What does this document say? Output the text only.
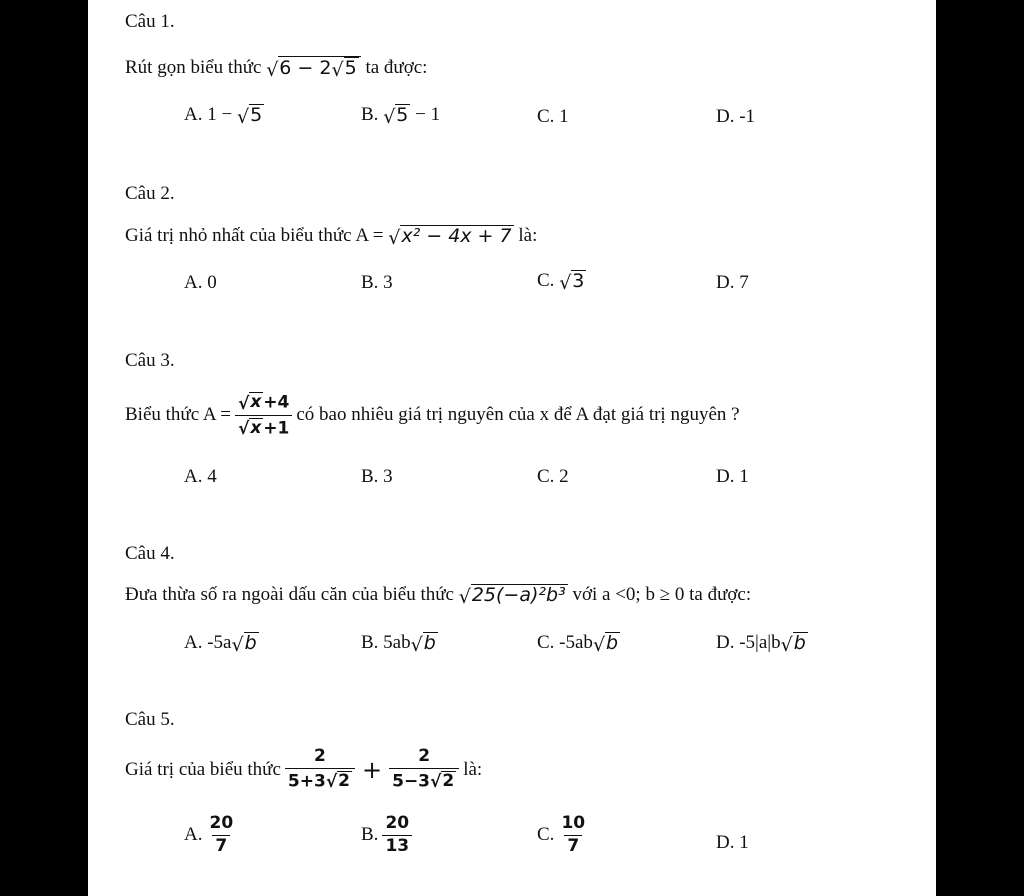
Câu 1.
Rút gọn biểu thức
√ 6 − 2 √ 5
ta được:
A.
1 −
√ 5	B.
√ 5
− 1	C. 1	D. -1
Câu 2.
Giá trị nhỏ nhất của biểu thức A =
√ x² − 4x + 7
là:
A. 0	B. 3	C.
√ 3	D. 7
Câu 3.
Biểu thức $A = \frac{√ x +4}{√ x +1}$ có bao nhiêu giá trị nguyên của x để A đạt giá trị nguyên ?
A. 4	B. 3	C. 2	D. 1
Câu 4.
Đưa thừa số ra ngoài dấu căn của biểu thức
√ 25(−a)²b³
với a <0; b ≥ 0 ta được:
A. -5a √ b	B. 5ab √ b	C. -5ab √ b	D. -5|a|b √ b
Câu 5.
Giá trị của biểu thức $\frac{2}{5+3 √ 2} + \frac{2}{5-3 √ 2}$ là:
A. $\frac{20}{7}$	B. $\frac{20}{13}$	C. $\frac{10}{7}$	D. 1
